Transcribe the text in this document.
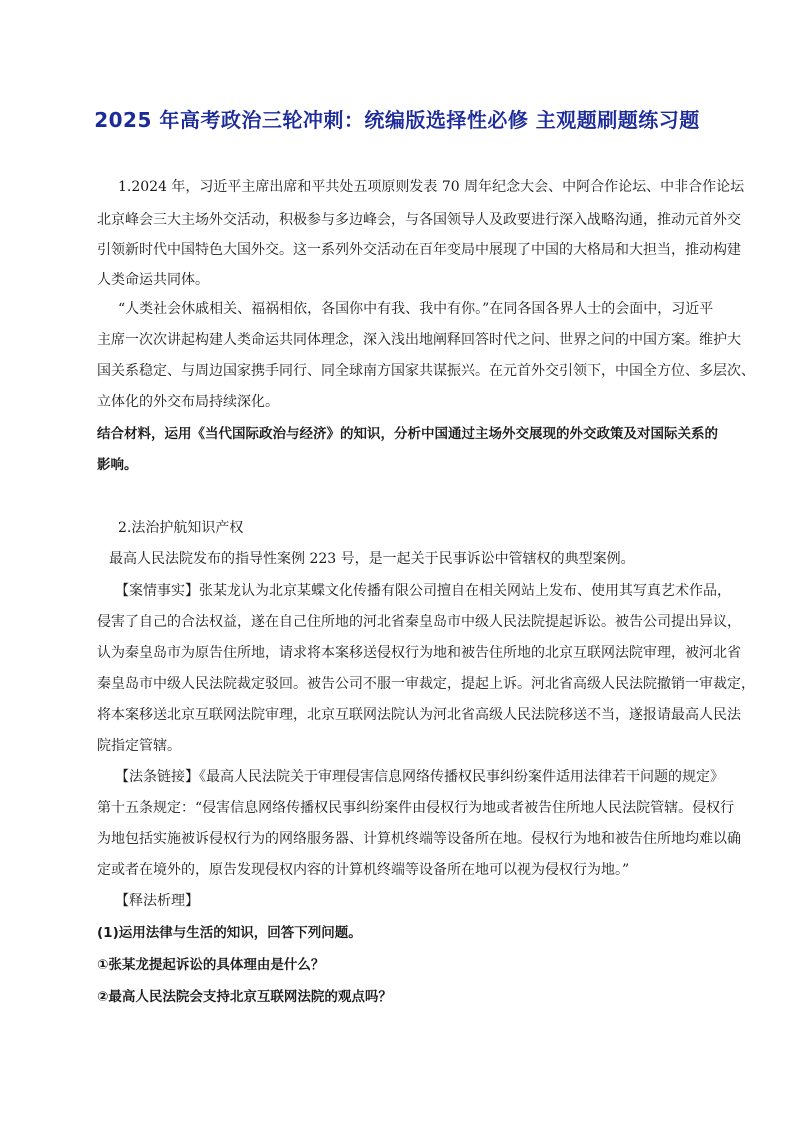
2025 年高考政治三轮冲刺：统编版选择性必修 主观题刷题练习题
1.2024 年，习近平主席出席和平共处五项原则发表 70 周年纪念大会、中阿合作论坛、中非合作论坛
北京峰会三大主场外交活动，积极参与多边峰会，与各国领导人及政要进行深入战略沟通，推动元首外交
引领新时代中国特色大国外交。这一系列外交活动在百年变局中展现了中国的大格局和大担当，推动构建
人类命运共同体。
“人类社会休戚相关、福祸相依，各国你中有我、我中有你。”在同各国各界人士的会面中，习近平
主席一次次讲起构建人类命运共同体理念，深入浅出地阐释回答时代之问、世界之问的中国方案。维护大
国关系稳定、与周边国家携手同行、同全球南方国家共谋振兴。在元首外交引领下，中国全方位、多层次、
立体化的外交布局持续深化。
结合材料，运用《当代国际政治与经济》的知识，分析中国通过主场外交展现的外交政策及对国际关系的
影响。
2.法治护航知识产权
最高人民法院发布的指导性案例 223 号，是一起关于民事诉讼中管辖权的典型案例。
【案情事实】张某龙认为北京某蝶文化传播有限公司擅自在相关网站上发布、使用其写真艺术作品，
侵害了自己的合法权益，遂在自己住所地的河北省秦皇岛市中级人民法院提起诉讼。被告公司提出异议，
认为秦皇岛市为原告住所地，请求将本案移送侵权行为地和被告住所地的北京互联网法院审理，被河北省
秦皇岛市中级人民法院裁定驳回。被告公司不服一审裁定，提起上诉。河北省高级人民法院撤销一审裁定，
将本案移送北京互联网法院审理，北京互联网法院认为河北省高级人民法院移送不当，遂报请最高人民法
院指定管辖。
【法条链接】《最高人民法院关于审理侵害信息网络传播权民事纠纷案件适用法律若干问题的规定》
第十五条规定：“侵害信息网络传播权民事纠纷案件由侵权行为地或者被告住所地人民法院管辖。侵权行
为地包括实施被诉侵权行为的网络服务器、计算机终端等设备所在地。侵权行为地和被告住所地均难以确
定或者在境外的，原告发现侵权内容的计算机终端等设备所在地可以视为侵权行为地。”
【释法析理】
(1)运用法律与生活的知识，回答下列问题。
①张某龙提起诉讼的具体理由是什么？
②最高人民法院会支持北京互联网法院的观点吗？
